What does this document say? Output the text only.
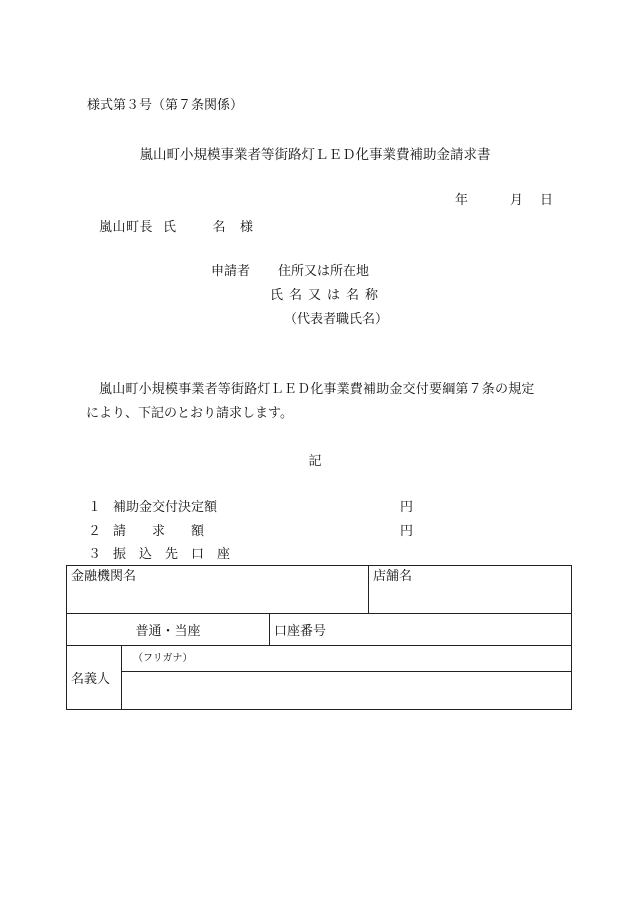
様式第３号（第７条関係）
嵐山町小規模事業者等街路灯ＬＥＤ化事業費補助金請求書
年	月 日
嵐山町長 氏	名 様
申請者 住所又は所在地
氏名又は名称
（代表者職氏名）
嵐山町小規模事業者等街路灯ＬＥＤ化事業費補助金交付要綱第７条の規定
により、下記のとおり請求します。
記
１ 補助金交付決定額	円
２ 請求額	円
３ 振込先口座
金融機関名			店舗名

普通・当座		口座番号	
名義人	（フリガナ）		
